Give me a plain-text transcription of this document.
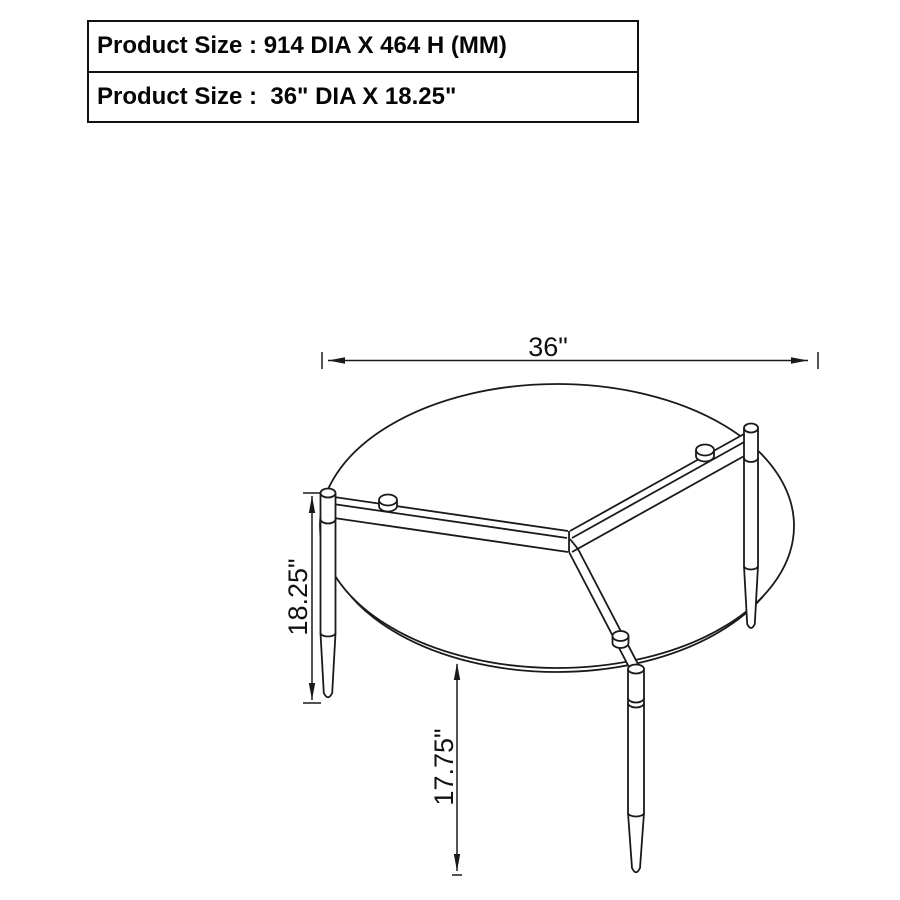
Product Size : 914 DIA X 464 H (MM)
Product Size :  36" DIA X 18.25"
36"
18.25"
17.75"
